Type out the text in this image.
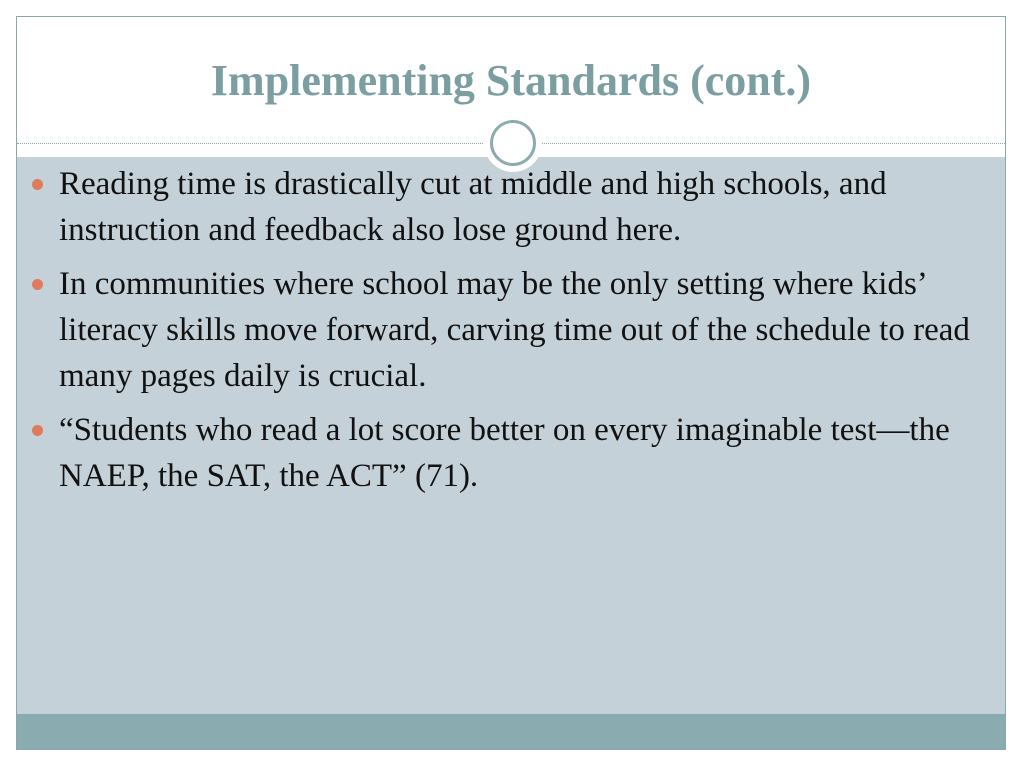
Implementing Standards (cont.)
Reading time is drastically cut at middle and high schools, and instruction and feedback also lose ground here.
In communities where school may be the only setting where kids’ literacy skills move forward, carving time out of the schedule to read many pages daily is crucial.
“Students who read a lot score better on every imaginable test—the NAEP, the SAT, the ACT” (71).
